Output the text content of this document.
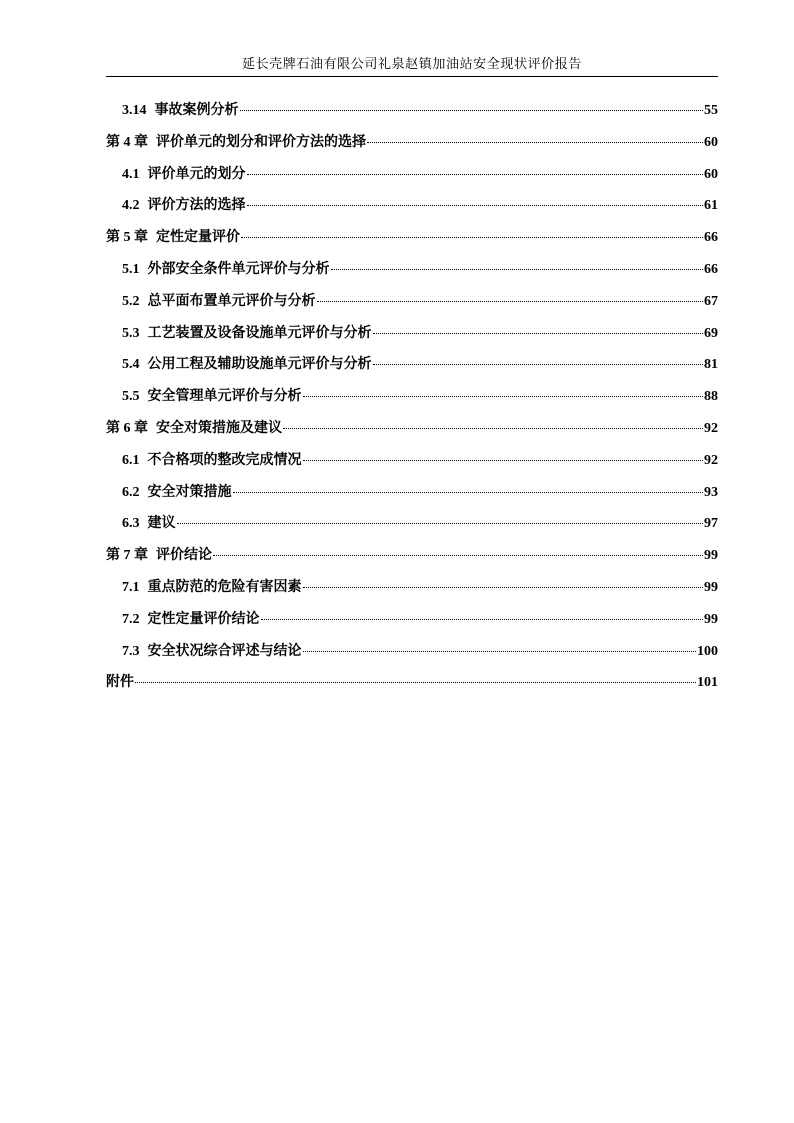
延长壳牌石油有限公司礼泉赵镇加油站安全现状评价报告
3.14 事故案例分析	55
第 4 章 评价单元的划分和评价方法的选择	60
4.1 评价单元的划分	60
4.2 评价方法的选择	61
第 5 章 定性定量评价	66
5.1 外部安全条件单元评价与分析	66
5.2 总平面布置单元评价与分析	67
5.3 工艺装置及设备设施单元评价与分析	69
5.4 公用工程及辅助设施单元评价与分析	81
5.5 安全管理单元评价与分析	88
第 6 章 安全对策措施及建议	92
6.1 不合格项的整改完成情况	92
6.2 安全对策措施	93
6.3 建议	97
第 7 章 评价结论	99
7.1 重点防范的危险有害因素	99
7.2 定性定量评价结论	99
7.3 安全状况综合评述与结论	100
附件	101
